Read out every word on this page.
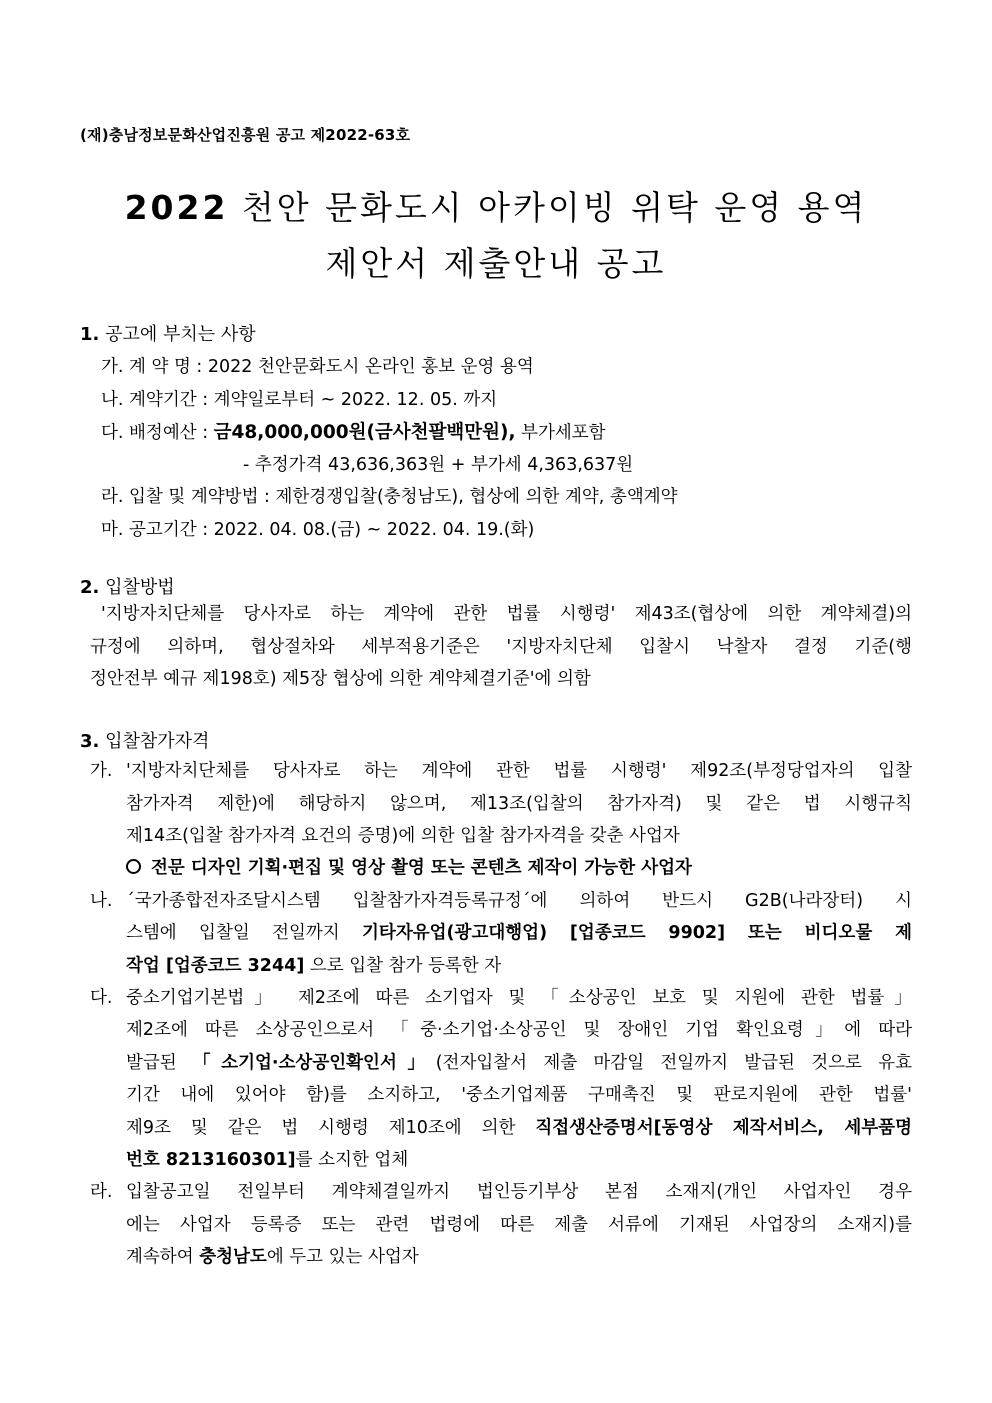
(재)충남정보문화산업진흥원 공고 제2022-63호
2022 천안 문화도시 아카이빙 위탁 운영 용역
제안서 제출안내 공고
1. 공고에 부치는 사항
가. 계 약 명 : 2022 천안문화도시 온라인 홍보 운영 용역
나. 계약기간 : 계약일로부터 ~ 2022. 12. 05. 까지
다. 배정예산 : 금48,000,000원(금사천팔백만원), 부가세포함
- 추정가격 43,636,363원 + 부가세 4,363,637원
라. 입찰 및 계약방법 : 제한경쟁입찰(충청남도), 협상에 의한 계약, 총액계약
마. 공고기간 : 2022. 04. 08.(금) ~ 2022. 04. 19.(화)
2. 입찰방법
'지방자치단체를 당사자로 하는 계약에 관한 법률 시행령' 제43조(협상에 의한 계약체결)의
규정에 의하며, 협상절차와 세부적용기준은 '지방자치단체 입찰시 낙찰자 결정 기준(행
정안전부 예규 제198호) 제5장 협상에 의한 계약체결기준'에 의함
3. 입찰참가자격
가. '지방자치단체를 당사자로 하는 계약에 관한 법률 시행령' 제92조(부정당업자의 입찰
참가자격 제한)에 해당하지 않으며, 제13조(입찰의 참가자격) 및 같은 법 시행규칙
제14조(입찰 참가자격 요건의 증명)에 의한 입찰 참가자격을 갖춘 사업자
전문 디자인 기획·편집 및 영상 촬영 또는 콘텐츠 제작이 가능한 사업자
나. ´국가종합전자조달시스템 입찰참가자격등록규정´에 의하여 반드시 G2B(나라장터) 시
스템에 입찰일 전일까지 기타자유업(광고대행업) [업종코드 9902] 또는 비디오물 제
작업 [업종코드 3244] 으로 입찰 참가 등록한 자
다. 중소기업기본법」 제2조에 따른 소기업자 및 「소상공인 보호 및 지원에 관한 법률」
제2조에 따른 소상공인으로서 「중·소기업·소상공인 및 장애인 기업 확인요령」에 따라
발급된 「소기업·소상공인확인서」(전자입찰서 제출 마감일 전일까지 발급된 것으로 유효
기간 내에 있어야 함)를 소지하고, '중소기업제품 구매촉진 및 판로지원에 관한 법률'
제9조 및 같은 법 시행령 제10조에 의한 직접생산증명서[동영상 제작서비스, 세부품명
번호 8213160301]를 소지한 업체
라. 입찰공고일 전일부터 계약체결일까지 법인등기부상 본점 소재지(개인 사업자인 경우
에는 사업자 등록증 또는 관련 법령에 따른 제출 서류에 기재된 사업장의 소재지)를
계속하여 충청남도에 두고 있는 사업자
